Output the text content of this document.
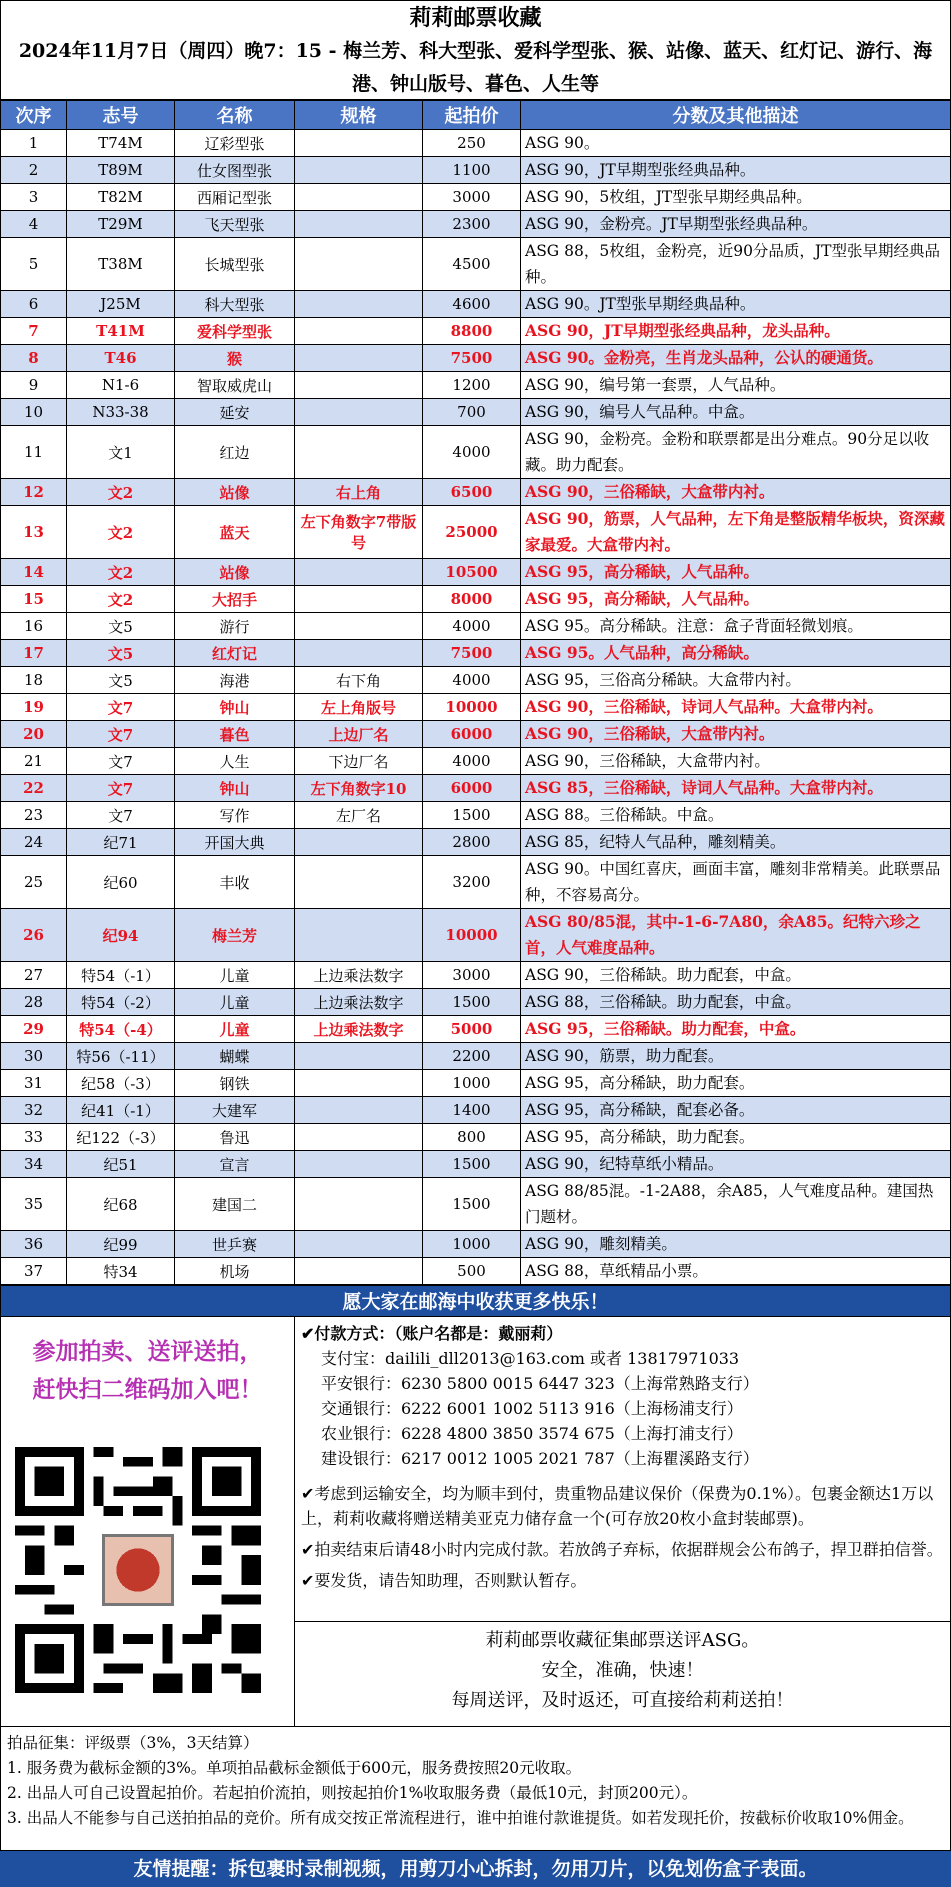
莉莉邮票收藏
2024年11月7日（周四）晚7：15 - 梅兰芳、科大型张、爱科学型张、猴、站像、蓝天、红灯记、游行、海港、钟山版号、暮色、人生等
次序	志号	名称	规格	起拍价	分数及其他描述
1	T74M	辽彩型张		250	ASG 90。
2	T89M	仕女图型张		1100	ASG 90，JT早期型张经典品种。
3	T82M	西厢记型张		3000	ASG 90，5枚组，JT型张早期经典品种。
4	T29M	飞天型张		2300	ASG 90，金粉亮。JT早期型张经典品种。
5	T38M	长城型张		4500	ASG 88，5枚组，金粉亮，近90分品质，JT型张早期经典品种。
6	J25M	科大型张		4600	ASG 90。JT型张早期经典品种。
7	T41M	爱科学型张		8800	ASG 90，JT早期型张经典品种，龙头品种。
8	T46	猴		7500	ASG 90。金粉亮，生肖龙头品种，公认的硬通货。
9	N1-6	智取威虎山		1200	ASG 90，编号第一套票，人气品种。
10	N33-38	延安		700	ASG 90，编号人气品种。中盒。
11	文1	红边		4000	ASG 90，金粉亮。金粉和联票都是出分难点。90分足以收藏。助力配套。
12	文2	站像	右上角	6500	ASG 90，三俗稀缺，大盒带内衬。
13	文2	蓝天	左下角数字7带版号	25000	ASG 90，筋票，人气品种，左下角是整版精华板块，资深藏家最爱。大盒带内衬。
14	文2	站像		10500	ASG 95，高分稀缺，人气品种。
15	文2	大招手		8000	ASG 95，高分稀缺，人气品种。
16	文5	游行		4000	ASG 95。高分稀缺。注意：盒子背面轻微划痕。
17	文5	红灯记		7500	ASG 95。人气品种，高分稀缺。
18	文5	海港	右下角	4000	ASG 95，三俗高分稀缺。大盒带内衬。
19	文7	钟山	左上角版号	10000	ASG 90，三俗稀缺，诗词人气品种。大盒带内衬。
20	文7	暮色	上边厂名	6000	ASG 90，三俗稀缺，大盒带内衬。
21	文7	人生	下边厂名	4000	ASG 90，三俗稀缺，大盒带内衬。
22	文7	钟山	左下角数字10	6000	ASG 85，三俗稀缺，诗词人气品种。大盒带内衬。
23	文7	写作	左厂名	1500	ASG 88。三俗稀缺。中盒。
24	纪71	开国大典		2800	ASG 85，纪特人气品种，雕刻精美。
25	纪60	丰收		3200	ASG 90。中国红喜庆，画面丰富，雕刻非常精美。此联票品种，不容易高分。
26	纪94	梅兰芳		10000	ASG 80/85混，其中-1-6-7A80，余A85。纪特六珍之首，人气难度品种。
27	特54（-1）	儿童	上边乘法数字	3000	ASG 90，三俗稀缺。助力配套，中盒。
28	特54（-2）	儿童	上边乘法数字	1500	ASG 88，三俗稀缺。助力配套，中盒。
29	特54（-4）	儿童	上边乘法数字	5000	ASG 95，三俗稀缺。助力配套，中盒。
30	特56（-11）	蝴蝶		2200	ASG 90，筋票，助力配套。
31	纪58（-3）	钢铁		1000	ASG 95，高分稀缺，助力配套。
32	纪41（-1）	大建军		1400	ASG 95，高分稀缺，配套必备。
33	纪122（-3）	鲁迅		800	ASG 95，高分稀缺，助力配套。
34	纪51	宣言		1500	ASG 90，纪特草纸小精品。
35	纪68	建国二		1500	ASG 88/85混。-1-2A88，余A85，人气难度品种。建国热门题材。
36	纪99	世乒赛		1000	ASG 90，雕刻精美。
37	特34	机场		500	ASG 88，草纸精品小票。
愿大家在邮海中收获更多快乐！
参加拍卖、送评送拍，
赶快扫二维码加入吧！
✔付款方式：（账户名都是：戴丽莉）
支付宝：dailili_dll2013@163.com 或者 13817971033
平安银行：6230 5800 0015 6447 323（上海常熟路支行）
交通银行：6222 6001 1002 5113 916（上海杨浦支行）
农业银行：6228 4800 3850 3574 675（上海打浦支行）
建设银行：6217 0012 1005 2021 787（上海瞿溪路支行）

✔考虑到运输安全，均为顺丰到付，贵重物品建议保价（保费为0.1%）。包裹金额达1万以上，莉莉收藏将赠送精美亚克力储存盒一个(可存放20枚小盒封装邮票)。

✔拍卖结束后请48小时内完成付款。若放鸽子弃标，依据群规会公布鸽子，捍卫群拍信誉。

✔要发货，请告知助理，否则默认暂存。

莉莉邮票收藏征集邮票送评ASG。
安全，准确，快速！
每周送评，及时返还，可直接给莉莉送拍！

拍品征集：评级票（3%，3天结算）

1. 服务费为截标金额的3%。单项拍品截标金额低于600元，服务费按照20元收取。

2. 出品人可自己设置起拍价。若起拍价流拍，则按起拍价1%收取服务费（最低10元，封顶200元）。

3. 出品人不能参与自己送拍拍品的竞价。所有成交按正常流程进行，谁中拍谁付款谁提货。如若发现托价，按截标价收取10%佣金。

友情提醒：拆包裹时录制视频，用剪刀小心拆封，勿用刀片，以免划伤盒子表面。
